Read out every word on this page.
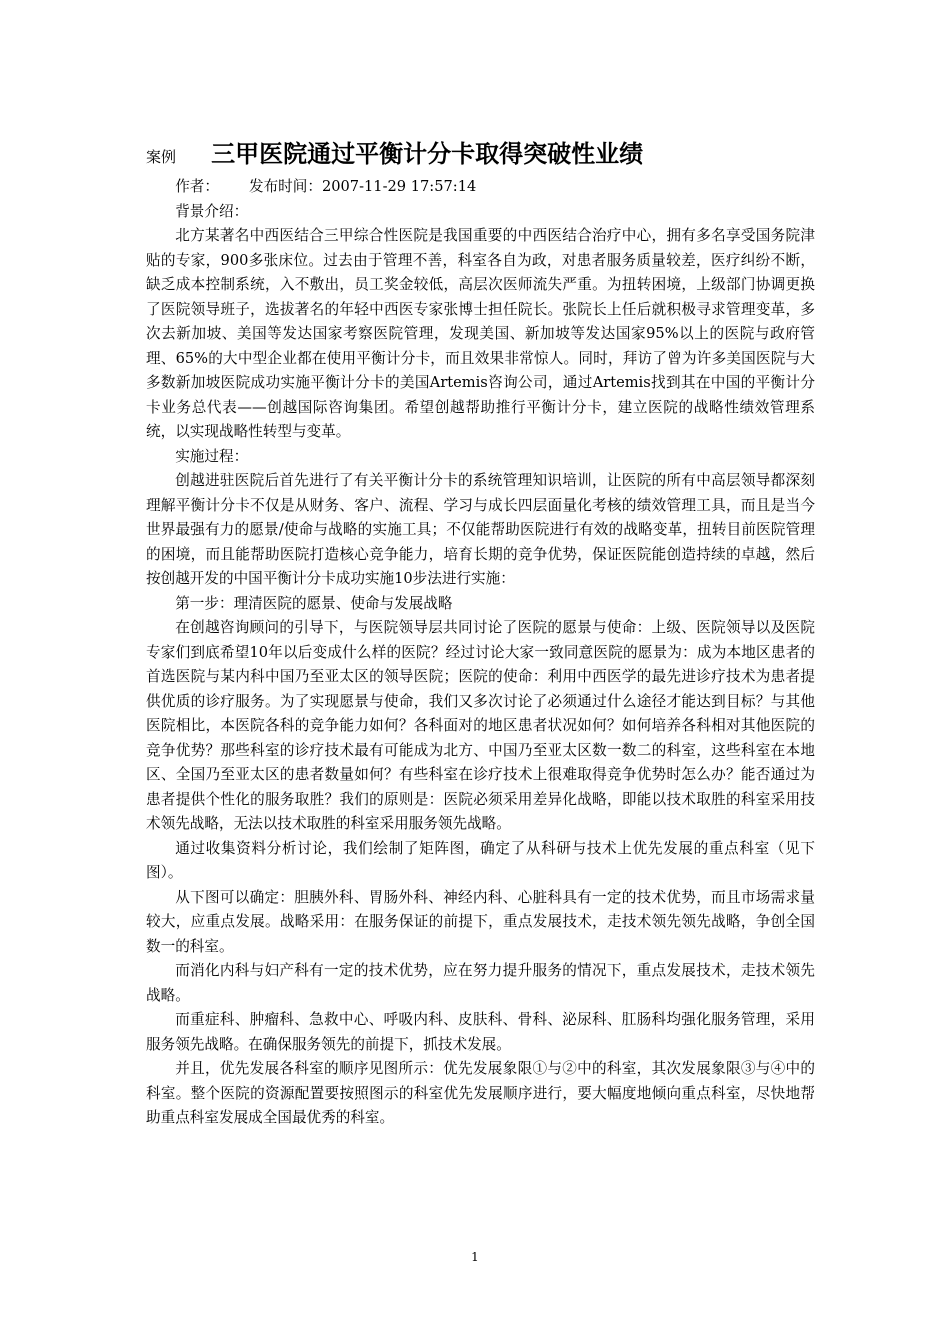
案例 三甲医院通过平衡计分卡取得突破性业绩
作者： 发布时间：2007-11-29 17:57:14

背景介绍：

北方某著名中西医结合三甲综合性医院是我国重要的中西医结合治疗中心，拥有多名享受国务院津贴的专家，900多张床位。过去由于管理不善，科室各自为政，对患者服务质量较差，医疗纠纷不断，缺乏成本控制系统，入不敷出，员工奖金较低，高层次医师流失严重。为扭转困境，上级部门协调更换了医院领导班子，选拔著名的年轻中西医专家张博士担任院长。张院长上任后就积极寻求管理变革，多次去新加坡、美国等发达国家考察医院管理，发现美国、新加坡等发达国家95%以上的医院与政府管理、65%的大中型企业都在使用平衡计分卡，而且效果非常惊人。同时，拜访了曾为许多美国医院与大多数新加坡医院成功实施平衡计分卡的美国Artemis咨询公司，通过Artemis找到其在中国的平衡计分卡业务总代表——创越国际咨询集团。希望创越帮助推行平衡计分卡，建立医院的战略性绩效管理系统，以实现战略性转型与变革。

实施过程：

创越进驻医院后首先进行了有关平衡计分卡的系统管理知识培训，让医院的所有中高层领导都深刻理解平衡计分卡不仅是从财务、客户、流程、学习与成长四层面量化考核的绩效管理工具，而且是当今世界最强有力的愿景/使命与战略的实施工具；不仅能帮助医院进行有效的战略变革，扭转目前医院管理的困境，而且能帮助医院打造核心竞争能力，培育长期的竞争优势，保证医院能创造持续的卓越，然后按创越开发的中国平衡计分卡成功实施10步法进行实施：

第一步：理清医院的愿景、使命与发展战略

在创越咨询顾问的引导下，与医院领导层共同讨论了医院的愿景与使命：上级、医院领导以及医院专家们到底希望10年以后变成什么样的医院？经过讨论大家一致同意医院的愿景为：成为本地区患者的首选医院与某内科中国乃至亚太区的领导医院；医院的使命：利用中西医学的最先进诊疗技术为患者提供优质的诊疗服务。为了实现愿景与使命，我们又多次讨论了必须通过什么途径才能达到目标？与其他医院相比，本医院各科的竞争能力如何？各科面对的地区患者状况如何？如何培养各科相对其他医院的竞争优势？那些科室的诊疗技术最有可能成为北方、中国乃至亚太区数一数二的科室，这些科室在本地区、全国乃至亚太区的患者数量如何？有些科室在诊疗技术上很难取得竞争优势时怎么办？能否通过为患者提供个性化的服务取胜？我们的原则是：医院必须采用差异化战略，即能以技术取胜的科室采用技术领先战略，无法以技术取胜的科室采用服务领先战略。

通过收集资料分析讨论，我们绘制了矩阵图，确定了从科研与技术上优先发展的重点科室（见下图）。

从下图可以确定：胆胰外科、胃肠外科、神经内科、心脏科具有一定的技术优势，而且市场需求量较大，应重点发展。战略采用：在服务保证的前提下，重点发展技术，走技术领先领先战略，争创全国数一的科室。

而消化内科与妇产科有一定的技术优势，应在努力提升服务的情况下，重点发展技术，走技术领先战略。

而重症科、肿瘤科、急救中心、呼吸内科、皮肤科、骨科、泌尿科、肛肠科均强化服务管理，采用服务领先战略。在确保服务领先的前提下，抓技术发展。

并且，优先发展各科室的顺序见图所示：优先发展象限①与②中的科室，其次发展象限③与④中的科室。整个医院的资源配置要按照图示的科室优先发展顺序进行，要大幅度地倾向重点科室，尽快地帮助重点科室发展成全国最优秀的科室。

1
